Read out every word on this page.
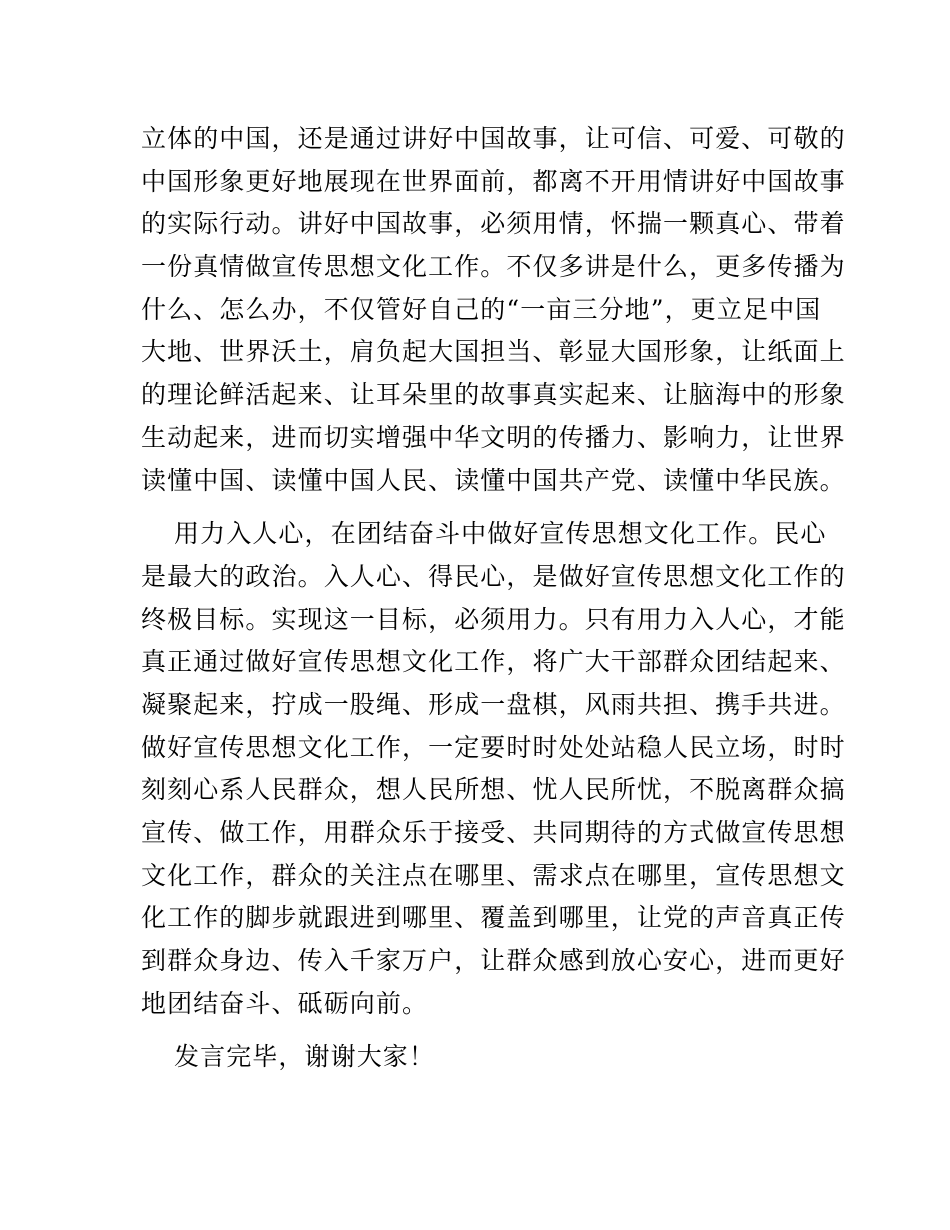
立体的中国，还是通过讲好中国故事，让可信、可爱、可敬的
中国形象更好地展现在世界面前，都离不开用情讲好中国故事
的实际行动。讲好中国故事，必须用情，怀揣一颗真心、带着
一份真情做宣传思想文化工作。不仅多讲是什么，更多传播为
什么、怎么办，不仅管好自己的“一亩三分地”，更立足中国
大地、世界沃土，肩负起大国担当、彰显大国形象，让纸面上
的理论鲜活起来、让耳朵里的故事真实起来、让脑海中的形象
生动起来，进而切实增强中华文明的传播力、影响力，让世界
读懂中国、读懂中国人民、读懂中国共产党、读懂中华民族。
用力入人心，在团结奋斗中做好宣传思想文化工作。民心
是最大的政治。入人心、得民心，是做好宣传思想文化工作的
终极目标。实现这一目标，必须用力。只有用力入人心，才能
真正通过做好宣传思想文化工作，将广大干部群众团结起来、
凝聚起来，拧成一股绳、形成一盘棋，风雨共担、携手共进。
做好宣传思想文化工作，一定要时时处处站稳人民立场，时时
刻刻心系人民群众，想人民所想、忧人民所忧，不脱离群众搞
宣传、做工作，用群众乐于接受、共同期待的方式做宣传思想
文化工作，群众的关注点在哪里、需求点在哪里，宣传思想文
化工作的脚步就跟进到哪里、覆盖到哪里，让党的声音真正传
到群众身边、传入千家万户，让群众感到放心安心，进而更好
地团结奋斗、砥砺向前。
发言完毕，谢谢大家！
